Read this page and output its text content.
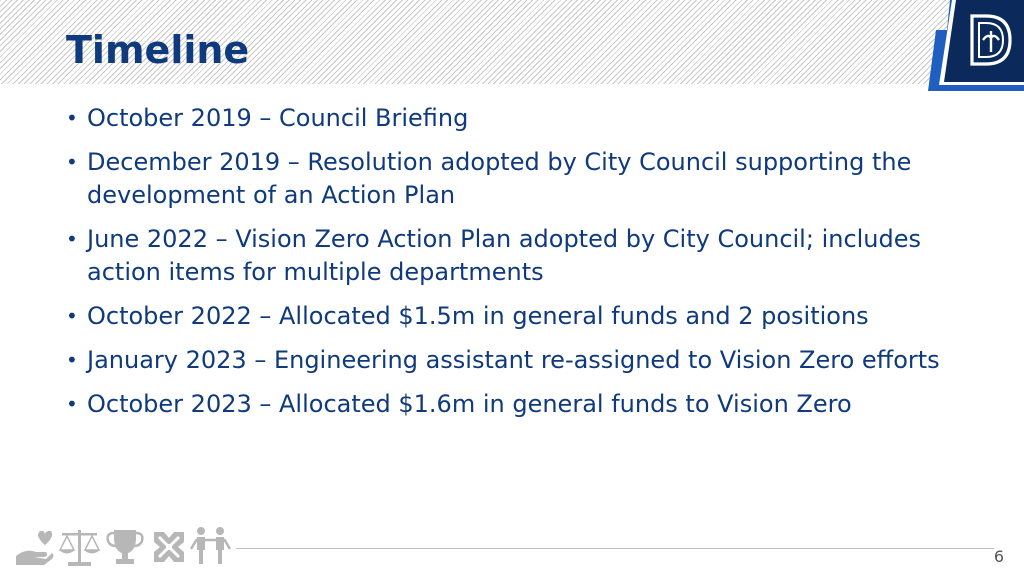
Timeline
• October 2019 – Council Briefing
• December 2019 – Resolution adopted by City Council supporting the development of an Action Plan
• June 2022 – Vision Zero Action Plan adopted by City Council; includes action items for multiple departments
• October 2022 – Allocated $1.5m in general funds and 2 positions
• January 2023 – Engineering assistant re-assigned to Vision Zero efforts
• October 2023 – Allocated $1.6m in general funds to Vision Zero
6
